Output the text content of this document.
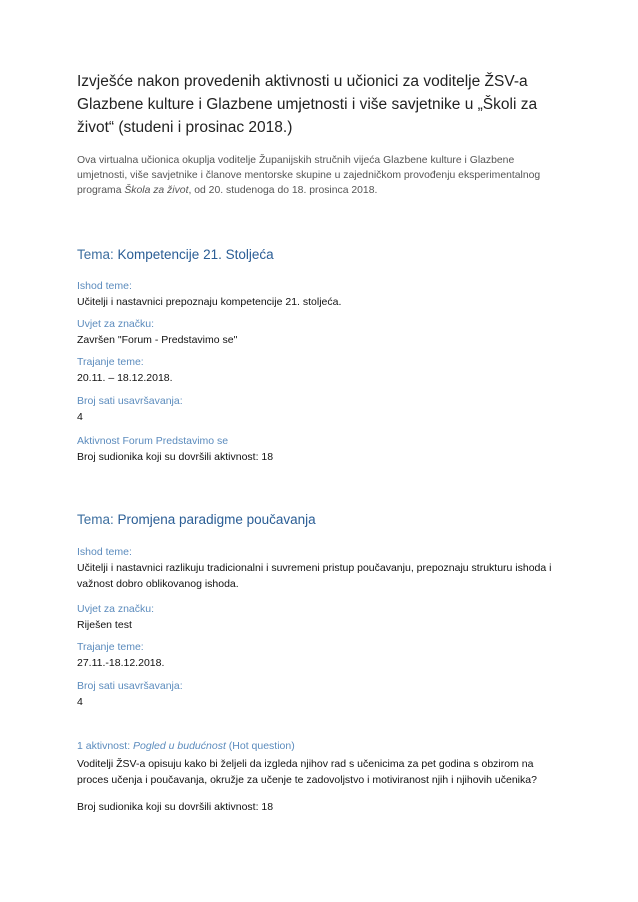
Izvješće nakon provedenih aktivnosti u učionici za voditelje ŽSV-a Glazbene kulture i Glazbene umjetnosti i više savjetnike u „Školi za život“ (studeni i prosinac 2018.)
Ova virtualna učionica okuplja voditelje Županijskih stručnih vijeća Glazbene kulture i Glazbene umjetnosti, više savjetnike i članove mentorske skupine u zajedničkom provođenju eksperimentalnog programa Škola za život, od 20. studenoga do 18. prosinca 2018.
Tema: Kompetencije 21. Stoljeća
Ishod teme:
Učitelji i nastavnici prepoznaju kompetencije 21. stoljeća.
Uvjet za značku:
Završen "Forum - Predstavimo se"
Trajanje teme:
20.11. – 18.12.2018.
Broj sati usavršavanja:
4
Aktivnost Forum Predstavimo se
Broj sudionika koji su dovršili aktivnost: 18
Tema: Promjena paradigme poučavanja
Ishod teme:
Učitelji i nastavnici razlikuju tradicionalni i suvremeni pristup poučavanju, prepoznaju strukturu ishoda i važnost dobro oblikovanog ishoda.
Uvjet za značku:
Riješen test
Trajanje teme:
27.11.-18.12.2018.
Broj sati usavršavanja:
4
1 aktivnost: Pogled u budućnost (Hot question)
Voditelji ŽSV-a opisuju kako bi željeli da izgleda njihov rad s učenicima za pet godina s obzirom na proces učenja i poučavanja, okružje za učenje te zadovoljstvo i motiviranost njih i njihovih učenika?
Broj sudionika koji su dovršili aktivnost: 18
